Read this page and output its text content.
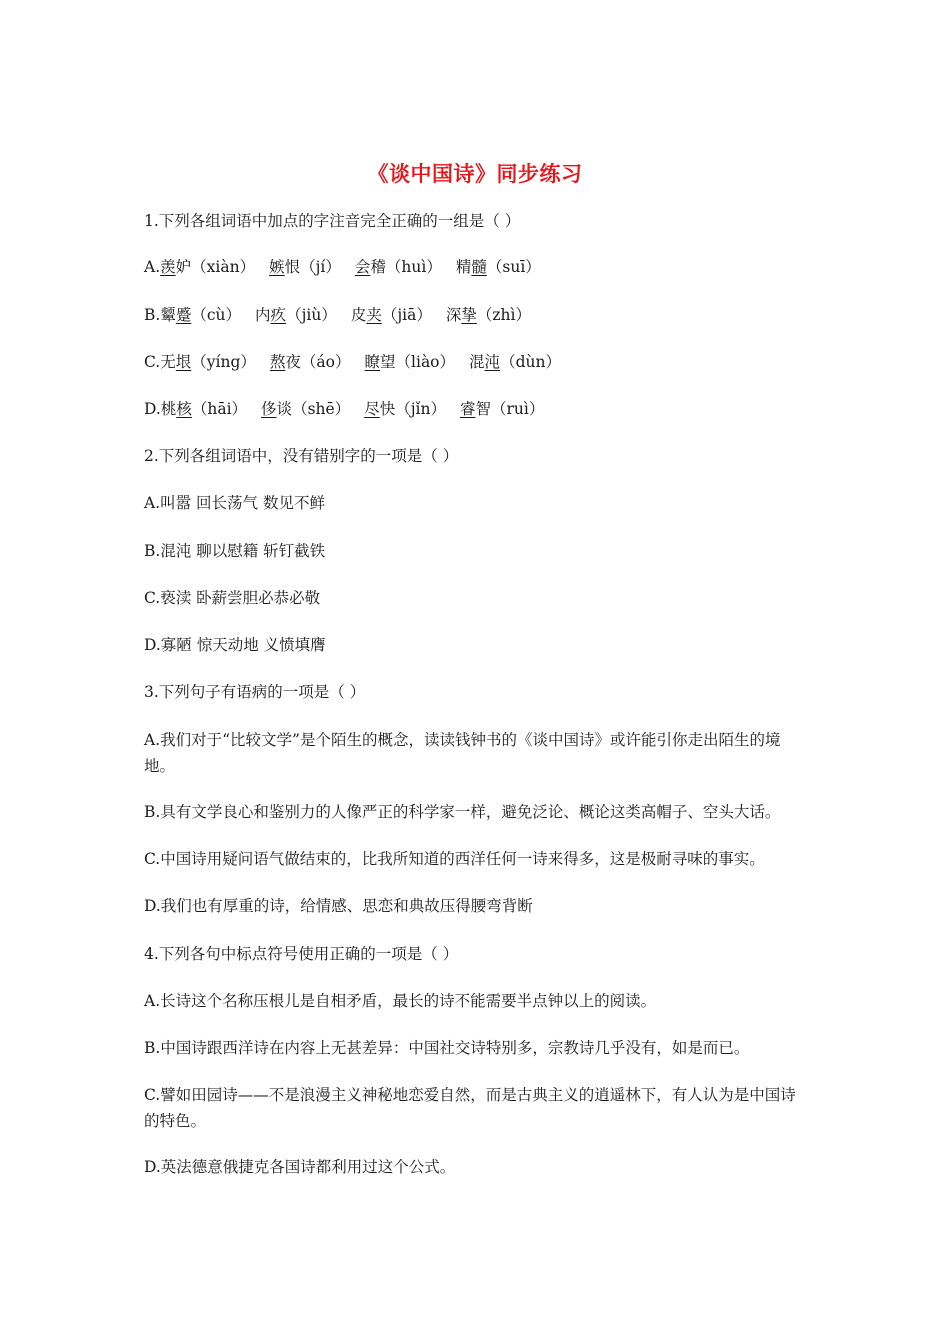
《谈中国诗》同步练习
1.下列各组词语中加点的字注音完全正确的一组是（ ）
A.羡妒（xiàn） 嫉恨（jí） 会稽（huì） 精髓（suī）
B.颦蹙（cù） 内疚（jiù） 皮夹（jiā） 深挚（zhì）
C.无垠（yíng） 熬夜（áo） 瞭望（liào） 混沌（dùn）
D.桃核（hāi） 侈谈（shē） 尽快（jǐn） 睿智（ruì）
2.下列各组词语中，没有错别字的一项是（ ）
A.叫嚣 回长荡气 数见不鲜
B.混沌 聊以慰籍 斩钉截铁
C.亵渎 卧薪尝胆必恭必敬
D.寡陋 惊天动地 义愤填膺
3.下列句子有语病的一项是（ ）
A.我们对于“比较文学”是个陌生的概念，读读钱钟书的《谈中国诗》或许能引你走出陌生的境地。
B.具有文学良心和鉴别力的人像严正的科学家一样，避免泛论、概论这类高帽子、空头大话。
C.中国诗用疑问语气做结束的，比我所知道的西洋任何一诗来得多，这是极耐寻味的事实。
D.我们也有厚重的诗，给情感、思恋和典故压得腰弯背断
4.下列各句中标点符号使用正确的一项是（ ）
A.长诗这个名称压根儿是自相矛盾，最长的诗不能需要半点钟以上的阅读。
B.中国诗跟西洋诗在内容上无甚差异：中国社交诗特别多，宗教诗几乎没有，如是而已。
C.譬如田园诗——不是浪漫主义神秘地恋爱自然，而是古典主义的逍遥林下，有人认为是中国诗的特色。
D.英法德意俄捷克各国诗都利用过这个公式。
